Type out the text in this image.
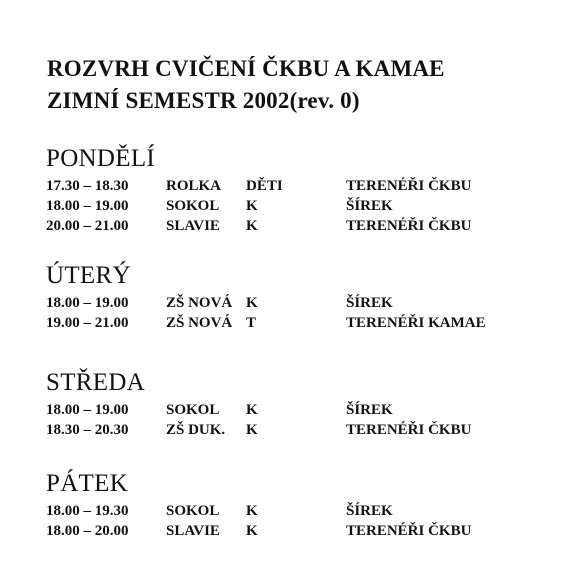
ROZVRH CVIČENÍ ČKBU A KAMAE
ZIMNÍ SEMESTR 2002(rev. 0)
PONDĚLÍ
17.30 – 18.30	ROLKA DĚTI	TERENÉŘI ČKBU
18.00 – 19.00	SOKOL K	ŠÍREK
20.00 – 21.00	SLAVIE K	TERENÉŘI ČKBU
ÚTERÝ
18.00 – 19.00	ZŠ NOVÁ K	ŠÍREK
19.00 – 21.00	ZŠ NOVÁ T	TERENÉŘI KAMAE
STŘEDA
18.00 – 19.00	SOKOL K	ŠÍREK
18.30 – 20.30	ZŠ DUK. K	TERENÉŘI ČKBU
PÁTEK
18.00 – 19.30	SOKOL K	ŠÍREK
18.00 – 20.00	SLAVIE K	TERENÉŘI ČKBU
